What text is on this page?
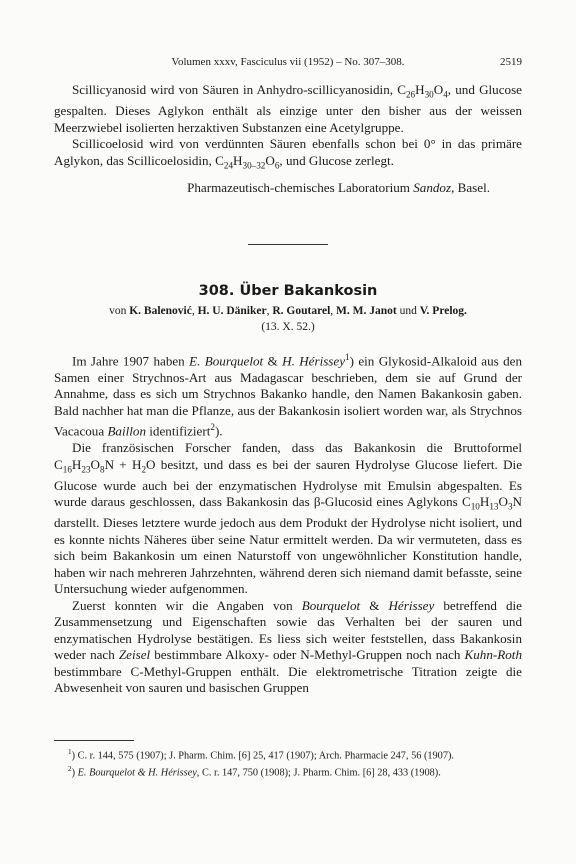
Volumen xxxv, Fasciculus vii (1952) – No. 307–308.	2519

Scillicyanosid wird von Säuren in Anhydro-scillicyanosidin, $C_{26}H_{30}O_4$, und Glucose gespalten. Dieses Aglykon enthält als einzige unter den bisher aus der weissen Meerzwiebel isolierten herzaktiven Substanzen eine Acetylgruppe.

Scillicoelosid wird von verdünnten Säuren ebenfalls schon bei 0° in das primäre Aglykon, das Scillicoelosidin, $C_{24}H_{30-32}O_6$, und Glucose zerlegt.

Pharmazeutisch-chemisches Laboratorium Sandoz, Basel.

308. Über Bakankosin
von K. Balenović, H. U. Däniker, R. Goutarel, M. M. Janot und V. Prelog.
(13. X. 52.)

Im Jahre 1907 haben E. Bourquelot & H. Hérissey$^1$) ein Glykosid-Alkaloid aus den Samen einer Strychnos-Art aus Madagascar beschrieben, dem sie auf Grund der Annahme, dass es sich um Strychnos Bakanko handle, den Namen Bakankosin gaben. Bald nachher hat man die Pflanze, aus der Bakankosin isoliert worden war, als Strychnos Vacacoua Baillon identifiziert$^2$).

Die französischen Forscher fanden, dass das Bakankosin die Bruttoformel $C_{16}H_{23}O_8N + H_2O$ besitzt, und dass es bei der sauren Hydrolyse Glucose liefert. Die Glucose wurde auch bei der enzymatischen Hydrolyse mit Emulsin abgespalten. Es wurde daraus geschlossen, dass Bakankosin das β-Glucosid eines Aglykons $C_{10}H_{13}O_3N$ darstellt. Dieses letztere wurde jedoch aus dem Produkt der Hydrolyse nicht isoliert, und es konnte nichts Näheres über seine Natur ermittelt werden. Da wir vermuteten, dass es sich beim Bakankosin um einen Naturstoff von ungewöhnlicher Konstitution handle, haben wir nach mehreren Jahrzehnten, während deren sich niemand damit befasste, seine Untersuchung wieder aufgenommen.

Zuerst konnten wir die Angaben von Bourquelot & Hérissey betreffend die Zusammensetzung und Eigenschaften sowie das Verhalten bei der sauren und enzymatischen Hydrolyse bestätigen. Es liess sich weiter feststellen, dass Bakankosin weder nach Zeisel bestimmbare Alkoxy- oder N-Methyl-Gruppen noch nach Kuhn-Roth bestimmbare C-Methyl-Gruppen enthält. Die elektrometrische Titration zeigte die Abwesenheit von sauren und basischen Gruppen

$^1$) C. r. 144, 575 (1907); J. Pharm. Chim. [6] 25, 417 (1907); Arch. Pharmacie 247, 56 (1907).

$^2$) E. Bourquelot & H. Hérissey, C. r. 147, 750 (1908); J. Pharm. Chim. [6] 28, 433 (1908).
